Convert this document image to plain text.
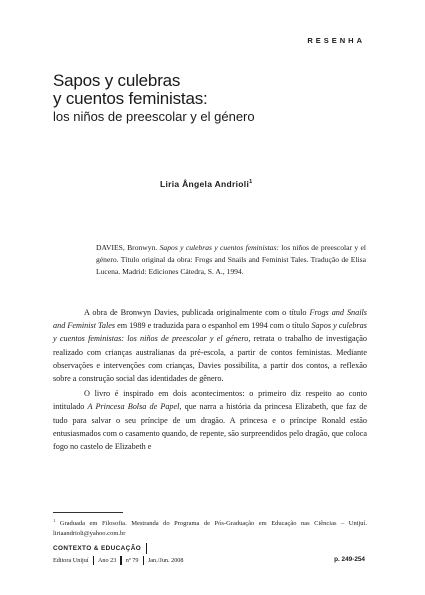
RESENHA
Sapos y culebras
y cuentos feministas:
los niños de preescolar y el género
Liria Ângela Andrioli$^1$
DAVIES, Bronwyn. Sapos y culebras y cuentos feministas: los niños de preescolar y el género. Título original da obra: Frogs and Snails and Feminist Tales. Tradução de Elisa Lucena. Madrid: Ediciones Cátedra, S. A., 1994.

A obra de Bronwyn Davies, publicada originalmente com o título Frogs and Snails and Feminist Tales em 1989 e traduzida para o espanhol em 1994 com o título Sapos y culebras y cuentos feministas: los niños de preescolar y el género, retrata o trabalho de investigação realizado com crianças australianas da pré-escola, a partir de contos feministas. Mediante observações e intervenções com crianças, Davies possibilita, a partir dos contos, a reflexão sobre a construção social das identidades de gênero.

O livro é inspirado em dois acontecimentos: o primeiro diz respeito ao conto intitulado A Princesa Bolsa de Papel, que narra a história da princesa Elizabeth, que faz de tudo para salvar o seu príncipe de um dragão. A princesa e o príncipe Ronald estão entusiasmados com o casamento quando, de repente, são surpreendidos pelo dragão, que coloca fogo no castelo de Elizabeth e

$^1$ Graduada em Filosofia. Mestranda do Programa de Pós-Graduação em Educação nas Ciências – Unijuí. liriaandrioli@yahoo.com.br
CONTEXTO & EDUCAÇÃO
Editora Unijuí Ano 23 nº 79 Jan./Jun. 2008	p. 249-254
